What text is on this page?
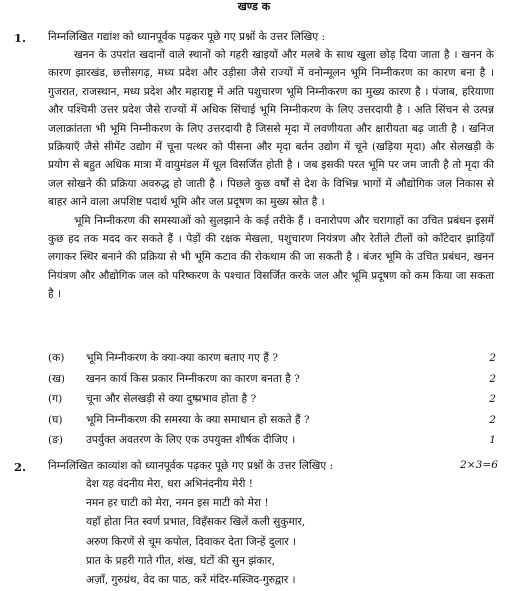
खण्ड क
1. निम्नलिखित गद्यांश को ध्यानपूर्वक पढ़कर पूछे गए प्रश्नों के उत्तर लिखिए :

खनन के उपरांत खदानों वाले स्थानों को गहरी खाइयों और मलबे के साथ खुला छोड़ दिया जाता है । खनन के कारण झारखंड, छत्तीसगढ़, मध्य प्रदेश और उड़ीसा जैसे राज्यों में वनोन्मूलन भूमि निम्नीकरण का कारण बना है । गुजरात, राजस्थान, मध्य प्रदेश और महाराष्ट्र में अति पशुचारण भूमि निम्नीकरण का मुख्य कारण है । पंजाब, हरियाणा और पश्चिमी उत्तर प्रदेश जैसे राज्यों में अधिक सिंचाई भूमि निम्नीकरण के लिए उत्तरदायी है । अति सिंचन से उत्पन्न जलाक्रांतता भी भूमि निम्नीकरण के लिए उत्तरदायी है जिससे मृदा में लवणीयता और क्षारीयता बढ़ जाती है । खनिज प्रक्रियाएँ जैसे सीमेंट उद्योग में चूना पत्थर को पीसना और मृदा बर्तन उद्योग में चूने (खड़िया मृदा) और सेलखड़ी के प्रयोग से बहुत अधिक मात्रा में वायुमंडल में धूल विसर्जित होती है । जब इसकी परत भूमि पर जम जाती है तो मृदा की जल सोखने की प्रक्रिया अवरुद्ध हो जाती है । पिछले कुछ वर्षों से देश के विभिन्न भागों में औद्योगिक जल निकास से बाहर आने वाला अपशिष्ट पदार्थ भूमि और जल प्रदूषण का मुख्य स्रोत है ।

भूमि निम्नीकरण की समस्याओं को सुलझाने के कई तरीके हैं । वनारोपण और चरागाहों का उचित प्रबंधन इसमें कुछ हद तक मदद कर सकते हैं । पेड़ों की रक्षक मेखला, पशुचारण नियंत्रण और रेतीले टीलों को काँटेदार झाड़ियाँ लगाकर स्थिर बनाने की प्रक्रिया से भी भूमि कटाव की रोकथाम की जा सकती है । बंजर भूमि के उचित प्रबंधन, खनन नियंत्रण और औद्योगिक जल को परिष्करण के पश्चात विसर्जित करके जल और भूमि प्रदूषण को कम किया जा सकता है ।

(क) भूमि निम्नीकरण के क्या-क्या कारण बताए गए हैं ?	2
(ख) खनन कार्य किस प्रकार निम्नीकरण का कारण बनता है ?	2
(ग) चूना और सेलखड़ी से क्या दुष्प्रभाव होता है ?	2
(घ) भूमि निम्नीकरण की समस्या के क्या समाधान हो सकते हैं ?	2
(ङ) उपर्युक्त अवतरण के लिए एक उपयुक्त शीर्षक दीजिए ।	1
2. निम्नलिखित काव्यांश को ध्यानपूर्वक पढ़कर पूछे गए प्रश्नों के उत्तर लिखिए :	2×3=6
देश यह वंदनीय मेरा, धरा अभिनंदनीय मेरी !
नमन हर घाटी को मेरा, नमन इस माटी को मेरा !
यहाँ होता नित स्वर्ण प्रभात, विहँसकर खिलें कली सुकुमार,
अरुण किरणें से चूम कपोल, दिवाकर देता जिन्हें दुलार ।
प्रात के प्रहरी गाते गीत, शंख, घंटों की सुन झंकार,
अज़ाँ, गुरुग्रंथ, वेद का पाठ, करें मंदिर-मस्जिद-गुरुद्वार ।
